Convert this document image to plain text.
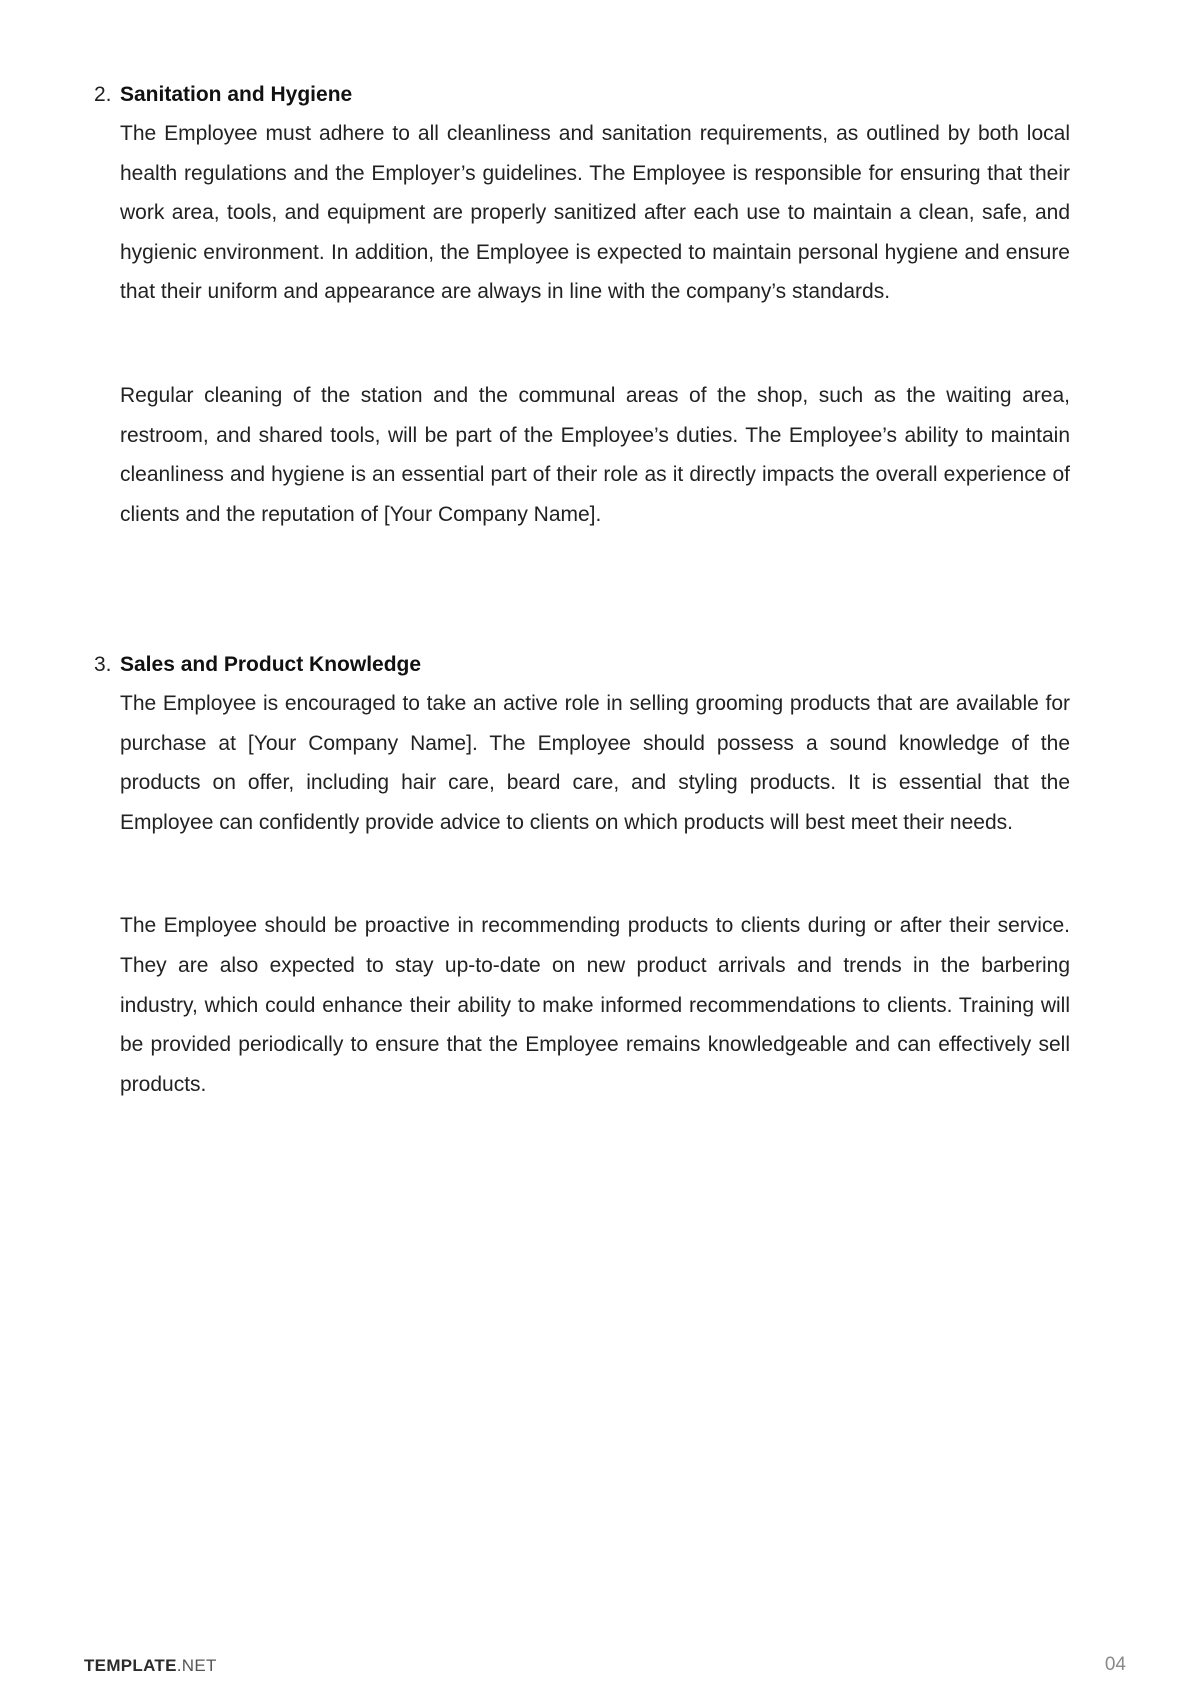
2. Sanitation and Hygiene

The Employee must adhere to all cleanliness and sanitation requirements, as outlined by both local health regulations and the Employer’s guidelines. The Employee is responsible for ensuring that their work area, tools, and equipment are properly sanitized after each use to maintain a clean, safe, and hygienic environment. In addition, the Employee is expected to maintain personal hygiene and ensure that their uniform and appearance are always in line with the company’s standards.

Regular cleaning of the station and the communal areas of the shop, such as the waiting area, restroom, and shared tools, will be part of the Employee’s duties. The Employee’s ability to maintain cleanliness and hygiene is an essential part of their role as it directly impacts the overall experience of clients and the reputation of [Your Company Name].

3. Sales and Product Knowledge

The Employee is encouraged to take an active role in selling grooming products that are available for purchase at [Your Company Name]. The Employee should possess a sound knowledge of the products on offer, including hair care, beard care, and styling products. It is essential that the Employee can confidently provide advice to clients on which products will best meet their needs.

The Employee should be proactive in recommending products to clients during or after their service. They are also expected to stay up-to-date on new product arrivals and trends in the barbering industry, which could enhance their ability to make informed recommendations to clients. Training will be provided periodically to ensure that the Employee remains knowledgeable and can effectively sell products.

TEMPLATE.NET	04
